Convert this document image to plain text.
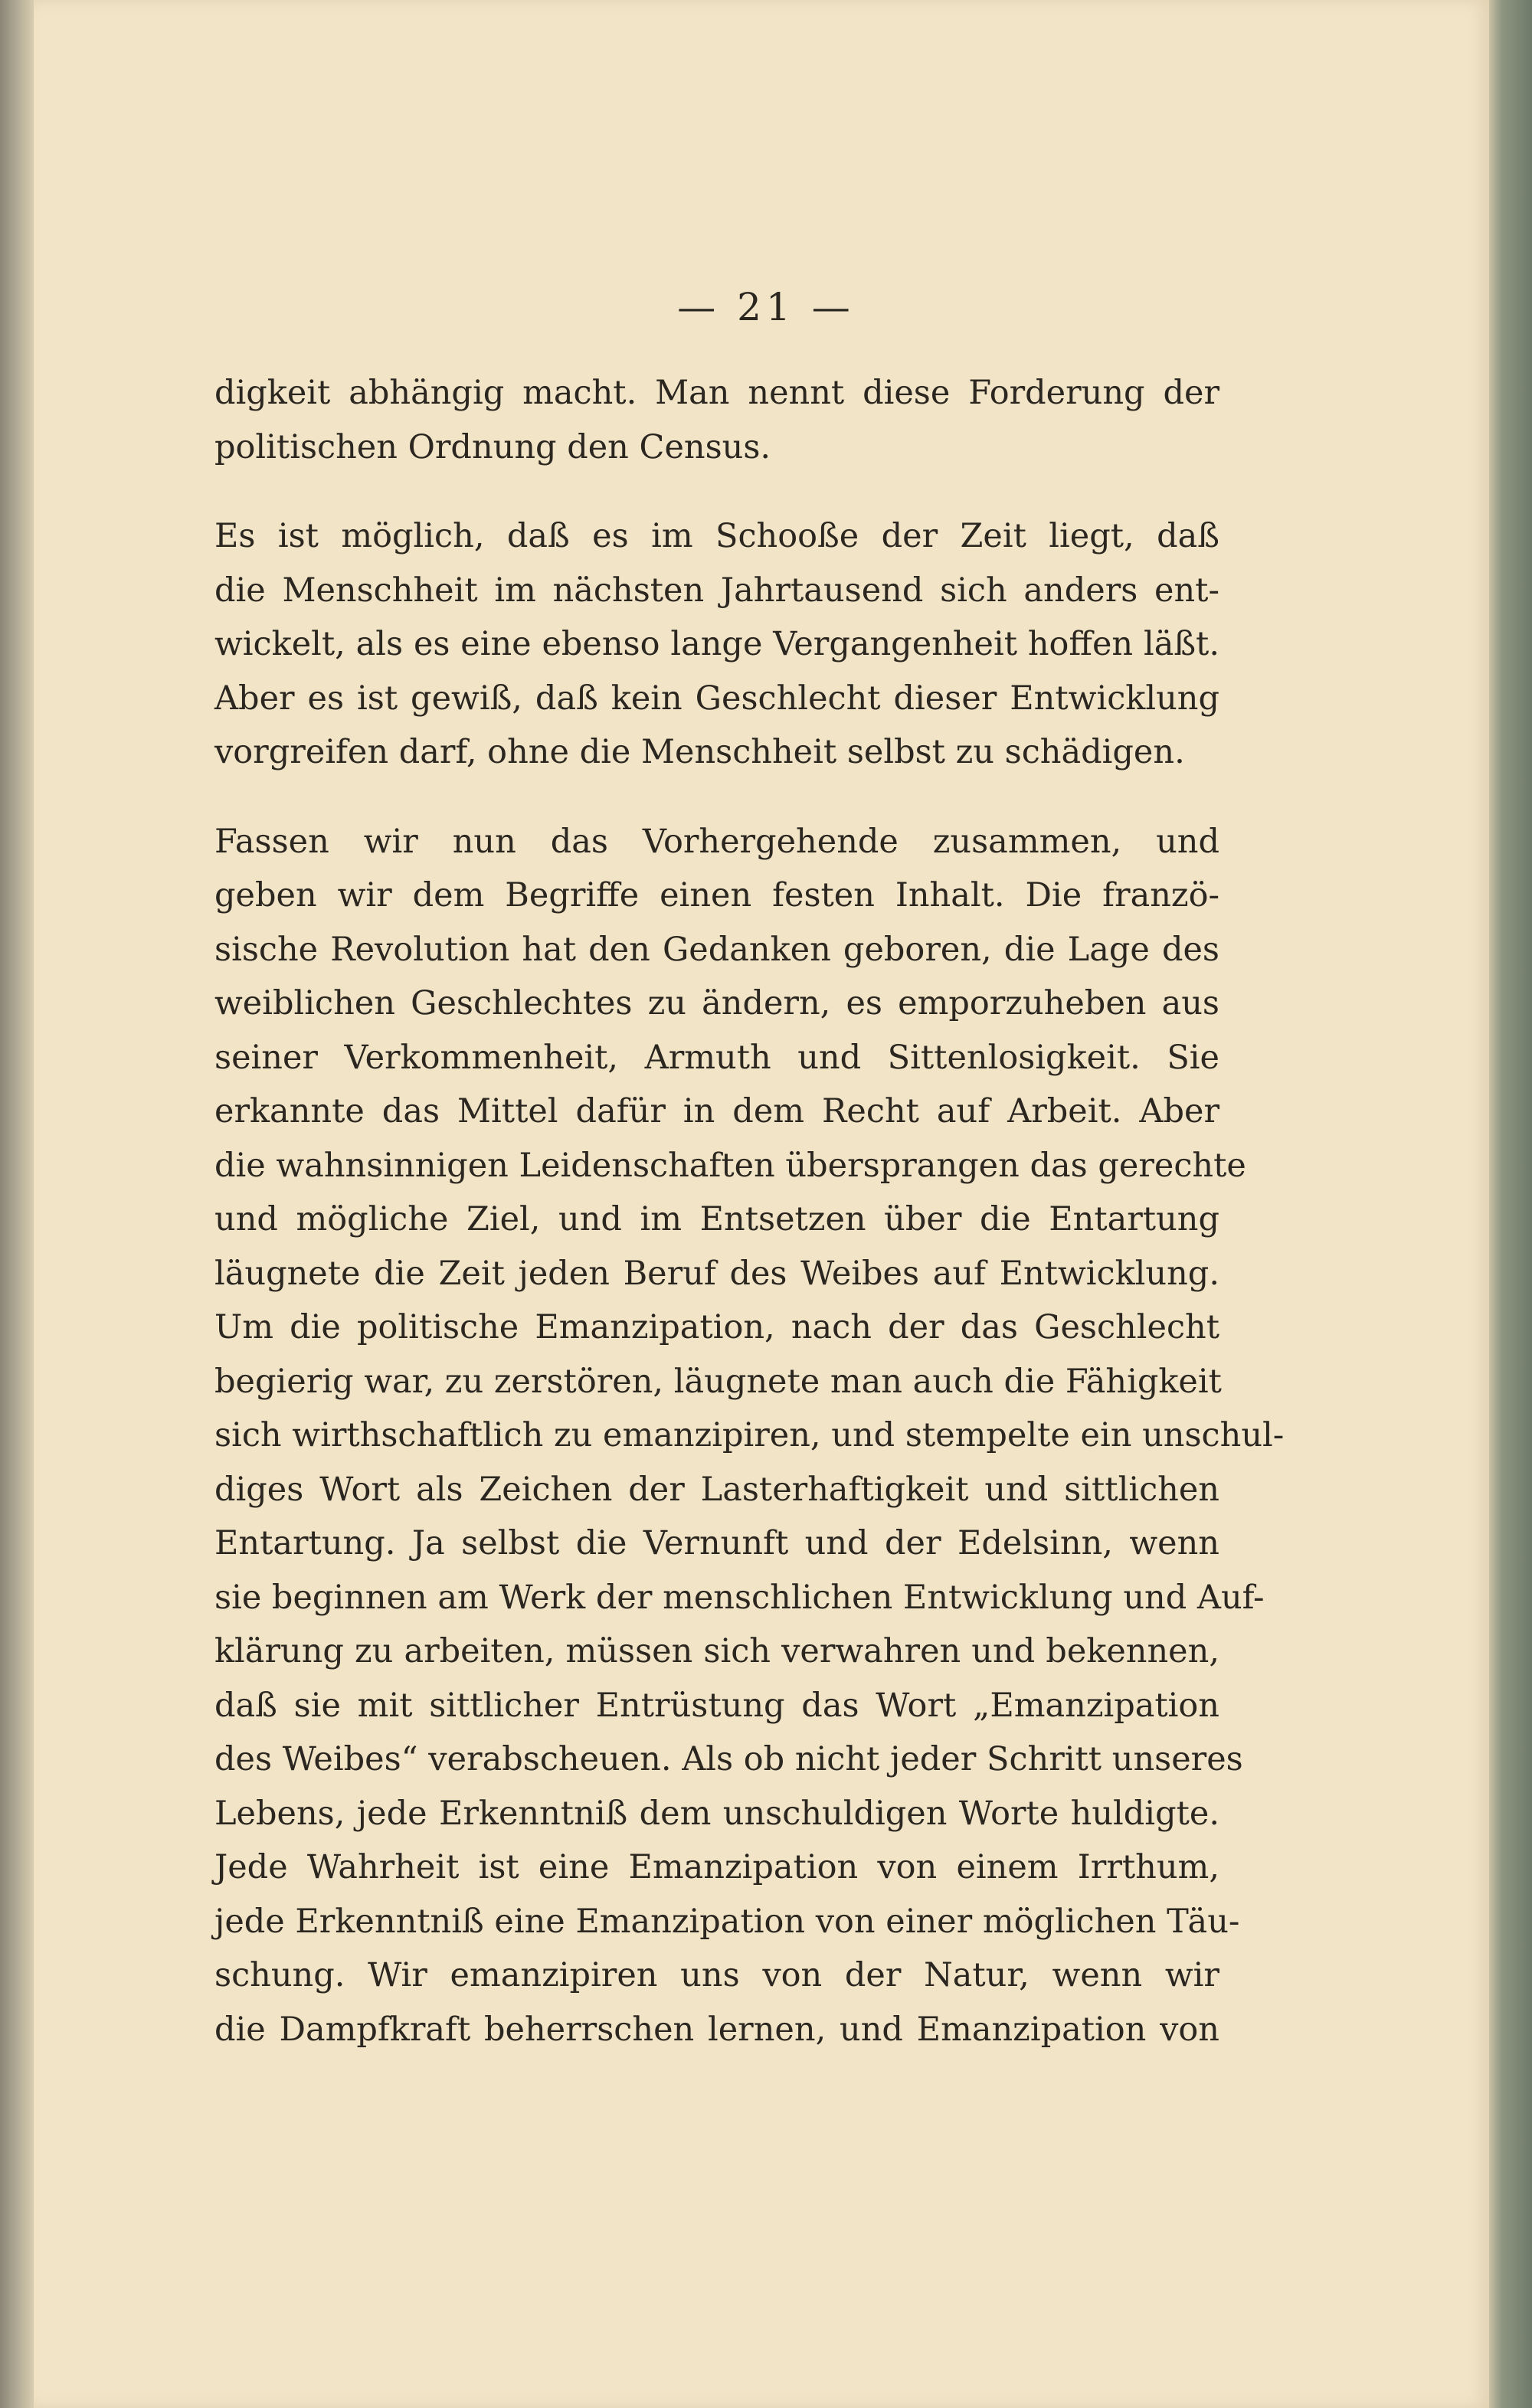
— 21 —
digkeit abhängig macht. Man nennt diese Forderung der
politischen Ordnung den Census.
Es ist möglich, daß es im Schooße der Zeit liegt, daß
die Menschheit im nächsten Jahrtausend sich anders ent-
wickelt, als es eine ebenso lange Vergangenheit hoffen läßt.
Aber es ist gewiß, daß kein Geschlecht dieser Entwicklung
vorgreifen darf, ohne die Menschheit selbst zu schädigen.
Fassen wir nun das Vorhergehende zusammen, und
geben wir dem Begriffe einen festen Inhalt. Die franzö-
sische Revolution hat den Gedanken geboren, die Lage des
weiblichen Geschlechtes zu ändern, es emporzuheben aus
seiner Verkommenheit, Armuth und Sittenlosigkeit. Sie
erkannte das Mittel dafür in dem Recht auf Arbeit. Aber
die wahnsinnigen Leidenschaften übersprangen das gerechte
und mögliche Ziel, und im Entsetzen über die Entartung
läugnete die Zeit jeden Beruf des Weibes auf Entwicklung.
Um die politische Emanzipation, nach der das Geschlecht
begierig war, zu zerstören, läugnete man auch die Fähigkeit
sich wirthschaftlich zu emanzipiren, und stempelte ein unschul-
diges Wort als Zeichen der Lasterhaftigkeit und sittlichen
Entartung. Ja selbst die Vernunft und der Edelsinn, wenn
sie beginnen am Werk der menschlichen Entwicklung und Auf-
klärung zu arbeiten, müssen sich verwahren und bekennen,
daß sie mit sittlicher Entrüstung das Wort „Emanzipation
des Weibes“ verabscheuen. Als ob nicht jeder Schritt unseres
Lebens, jede Erkenntniß dem unschuldigen Worte huldigte.
Jede Wahrheit ist eine Emanzipation von einem Irrthum,
jede Erkenntniß eine Emanzipation von einer möglichen Täu-
schung. Wir emanzipiren uns von der Natur, wenn wir
die Dampfkraft beherrschen lernen, und Emanzipation von
